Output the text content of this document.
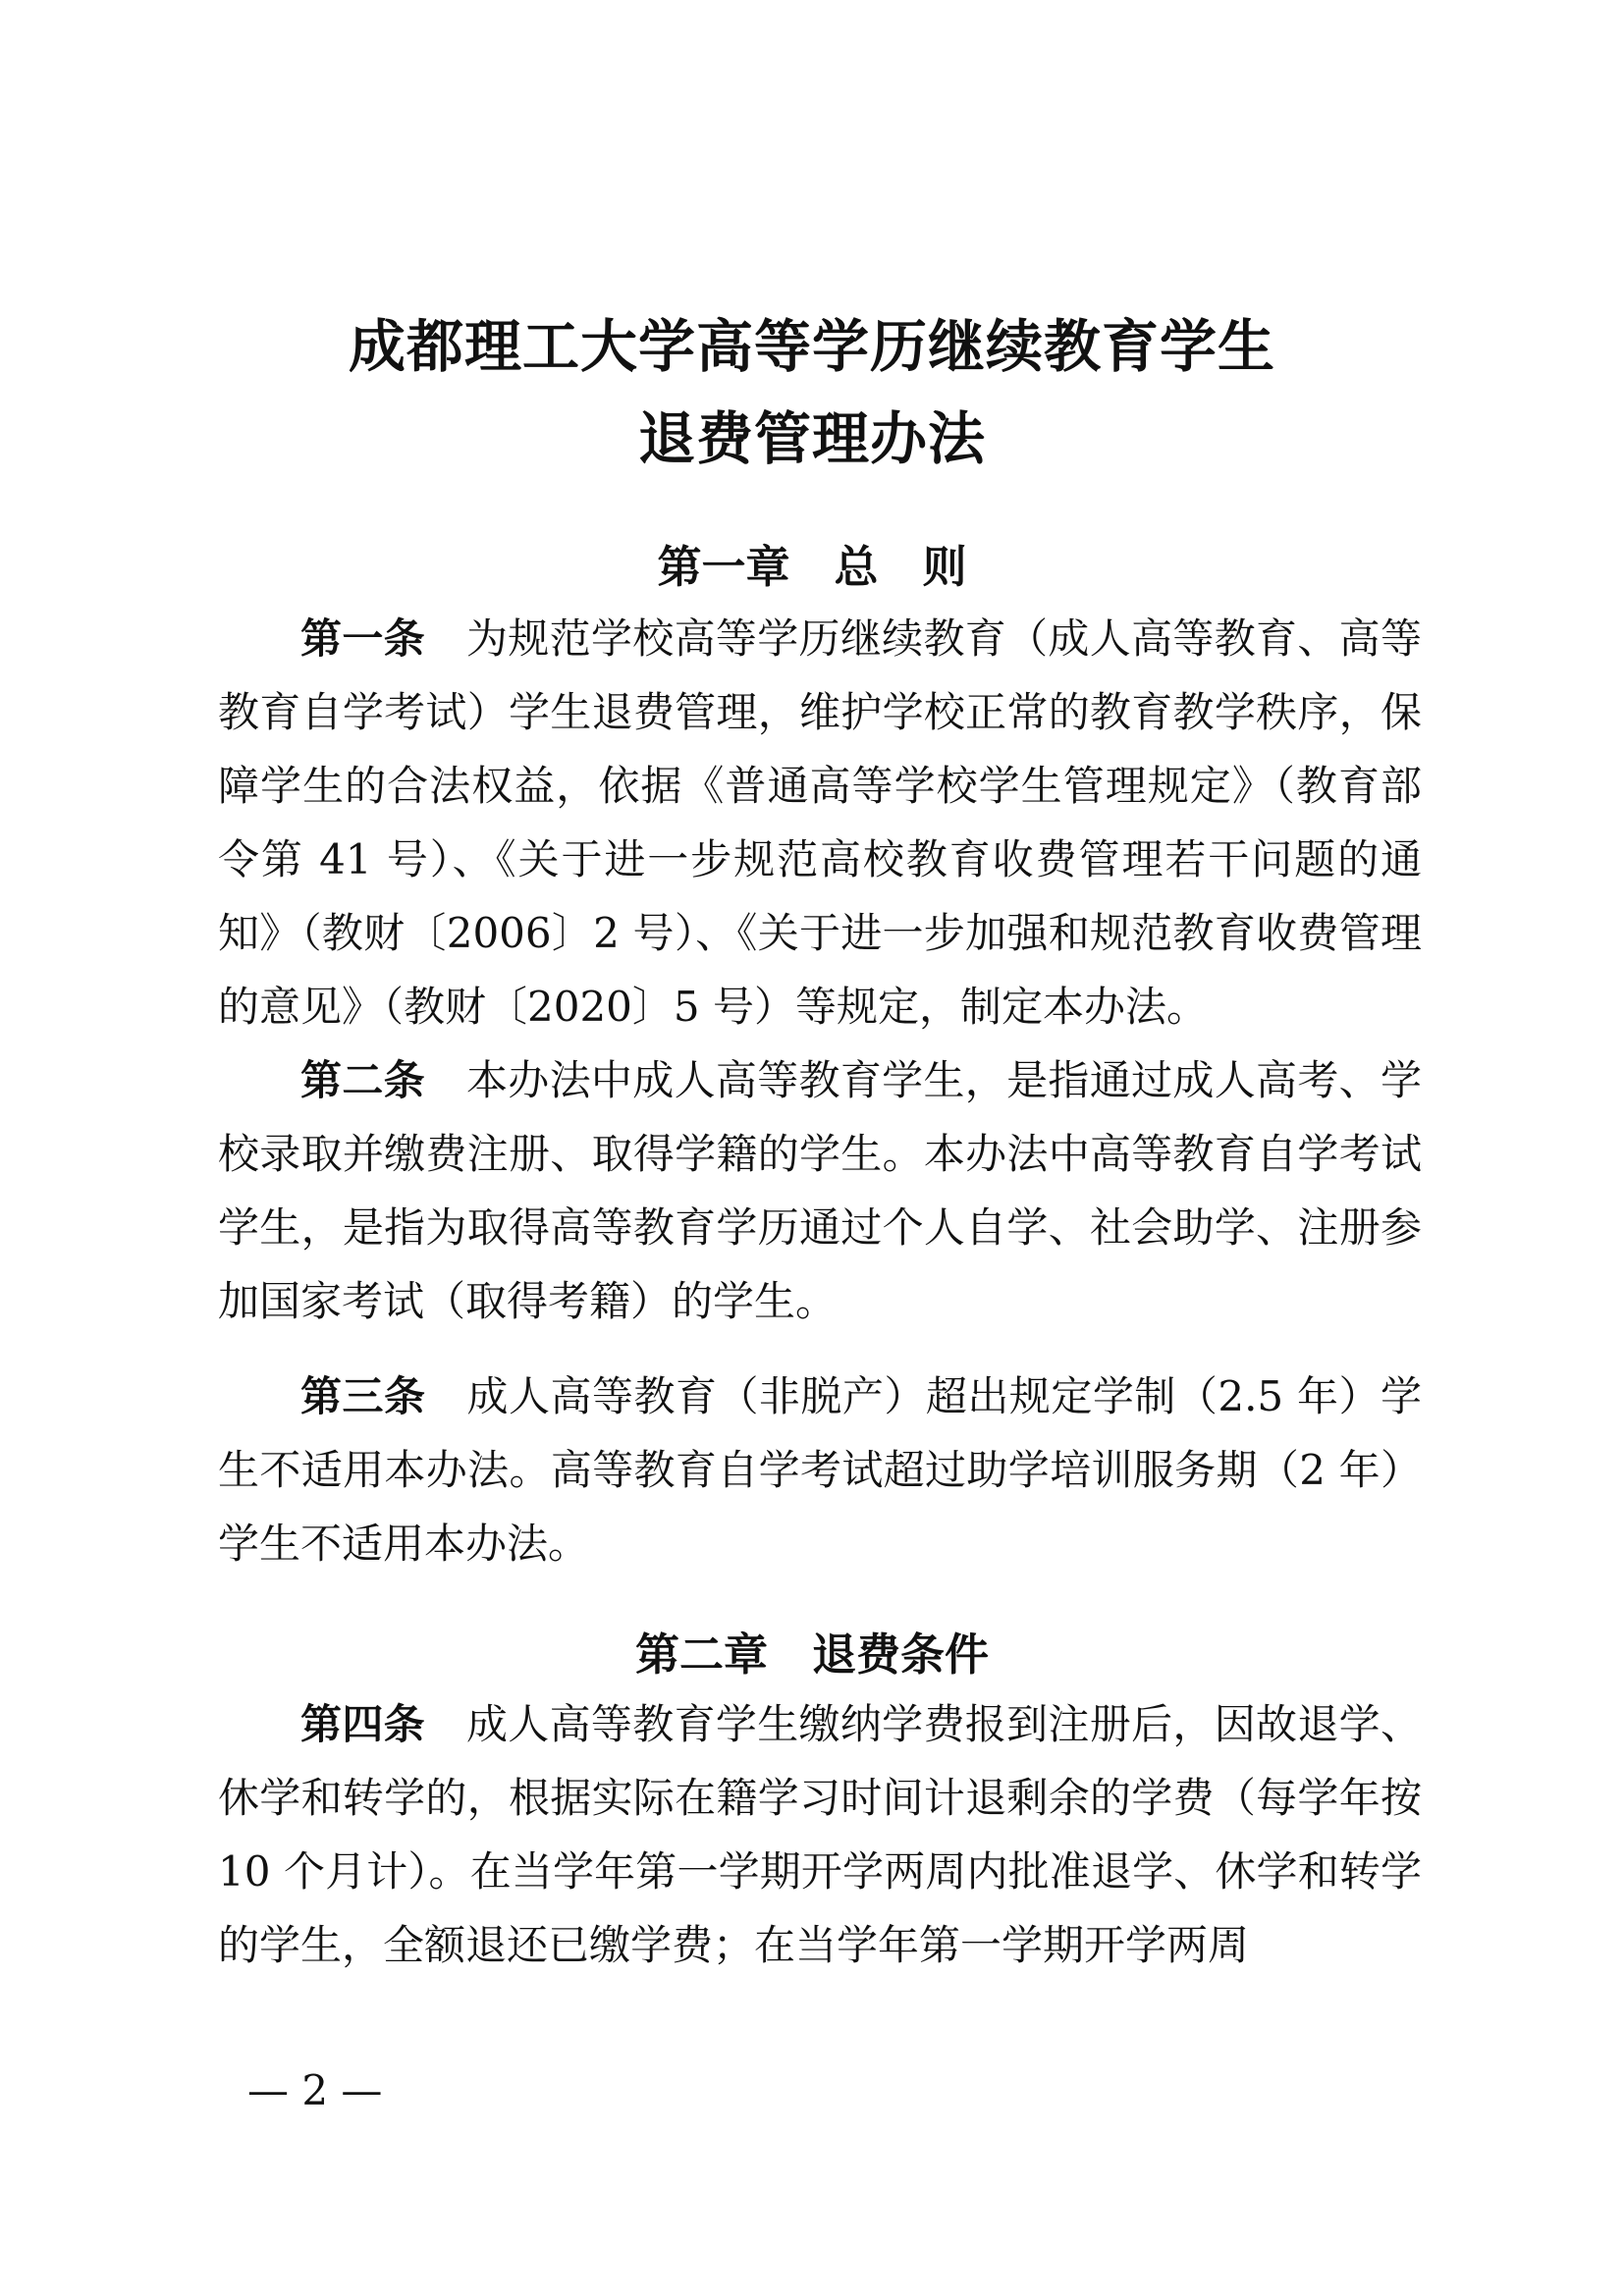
成都理工大学高等学历继续教育学生
退费管理办法
第一章　总　则

第一条 为规范学校高等学历继续教育（成人高等教育、高等教育自学考试）学生退费管理，维护学校正常的教育教学秩序，保障学生的合法权益，依据《普通高等学校学生管理规定》（教育部令第 41 号）、《关于进一步规范高校教育收费管理若干问题的通知》（教财〔2006〕2 号）、《关于进一步加强和规范教育收费管理的意见》（教财〔2020〕5 号）等规定，制定本办法。

第二条 本办法中成人高等教育学生，是指通过成人高考、学校录取并缴费注册、取得学籍的学生。本办法中高等教育自学考试学生，是指为取得高等教育学历通过个人自学、社会助学、注册参加国家考试（取得考籍）的学生。

第三条 成人高等教育（非脱产）超出规定学制（2.5 年）学生不适用本办法。高等教育自学考试超过助学培训服务期（2 年）学生不适用本办法。

第二章　退费条件

第四条 成人高等教育学生缴纳学费报到注册后，因故退学、休学和转学的，根据实际在籍学习时间计退剩余的学费（每学年按 10 个月计）。在当学年第一学期开学两周内批准退学、休学和转学的学生，全额退还已缴学费；在当学年第一学期开学两周

— 2 —
